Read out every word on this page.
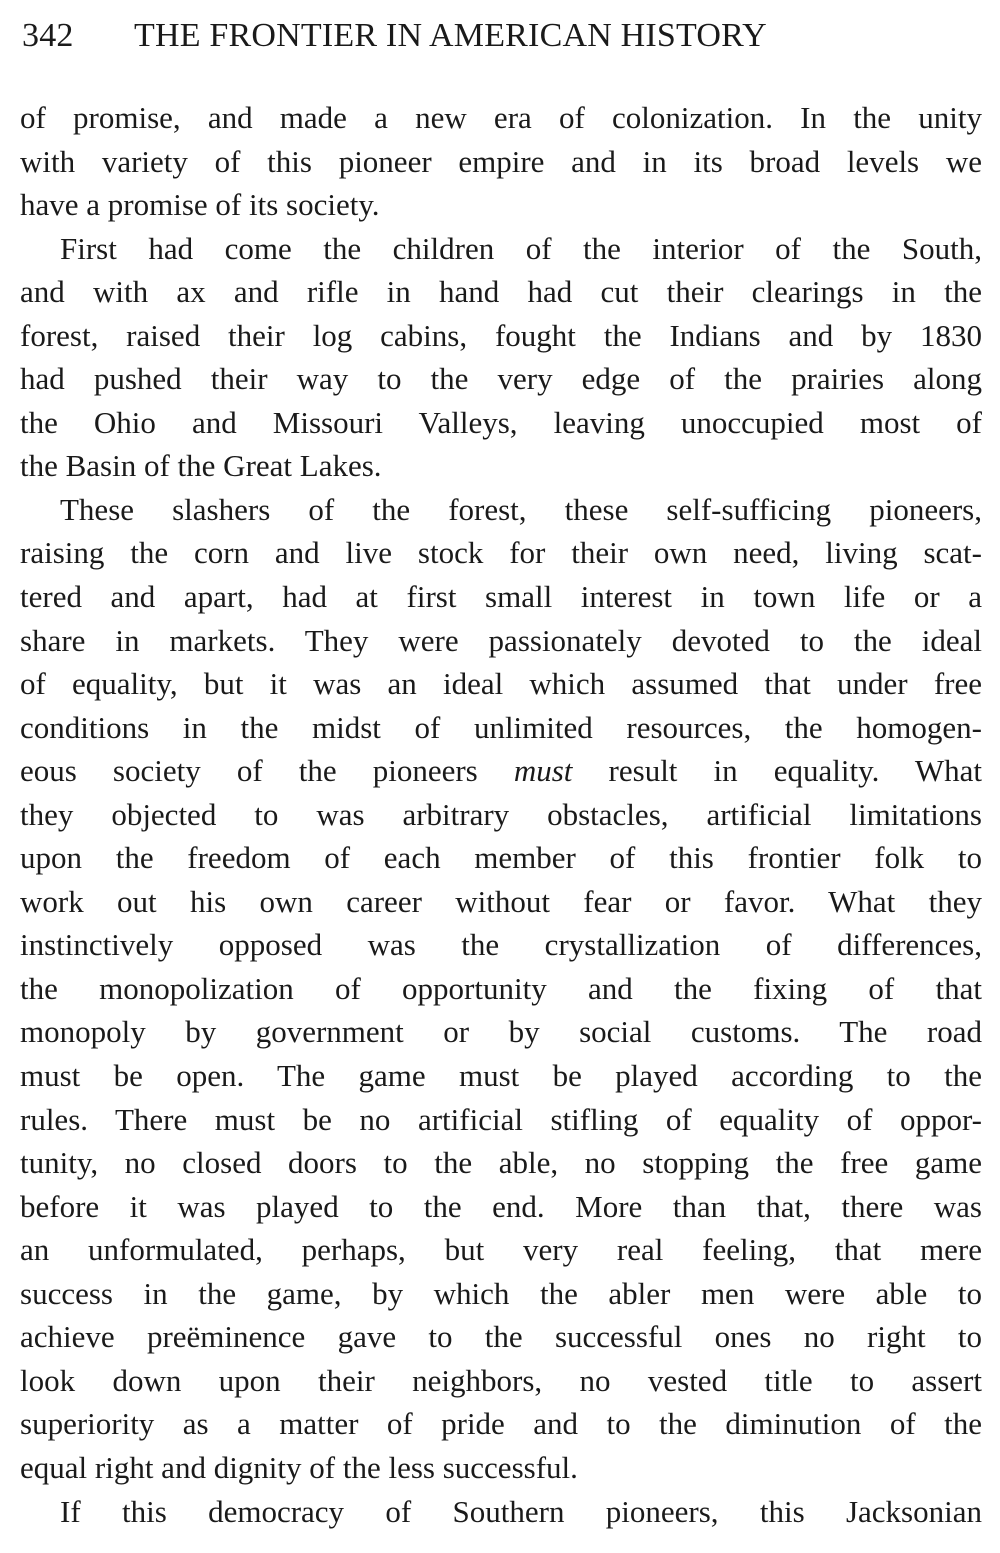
342 THE FRONTIER IN AMERICAN HISTORY
of promise, and made a new era of colonization. In the unity
with variety of this pioneer empire and in its broad levels we
have a promise of its society.
First had come the children of the interior of the South,
and with ax and rifle in hand had cut their clearings in the
forest, raised their log cabins, fought the Indians and by 1830
had pushed their way to the very edge of the prairies along
the Ohio and Missouri Valleys, leaving unoccupied most of
the Basin of the Great Lakes.
These slashers of the forest, these self-sufficing pioneers,
raising the corn and live stock for their own need, living scat-
tered and apart, had at first small interest in town life or a
share in markets. They were passionately devoted to the ideal
of equality, but it was an ideal which assumed that under free
conditions in the midst of unlimited resources, the homogen-
eous society of the pioneers must result in equality. What
they objected to was arbitrary obstacles, artificial limitations
upon the freedom of each member of this frontier folk to
work out his own career without fear or favor. What they
instinctively opposed was the crystallization of differences,
the monopolization of opportunity and the fixing of that
monopoly by government or by social customs. The road
must be open. The game must be played according to the
rules. There must be no artificial stifling of equality of oppor-
tunity, no closed doors to the able, no stopping the free game
before it was played to the end. More than that, there was
an unformulated, perhaps, but very real feeling, that mere
success in the game, by which the abler men were able to
achieve preëminence gave to the successful ones no right to
look down upon their neighbors, no vested title to assert
superiority as a matter of pride and to the diminution of the
equal right and dignity of the less successful.
If this democracy of Southern pioneers, this Jacksonian
